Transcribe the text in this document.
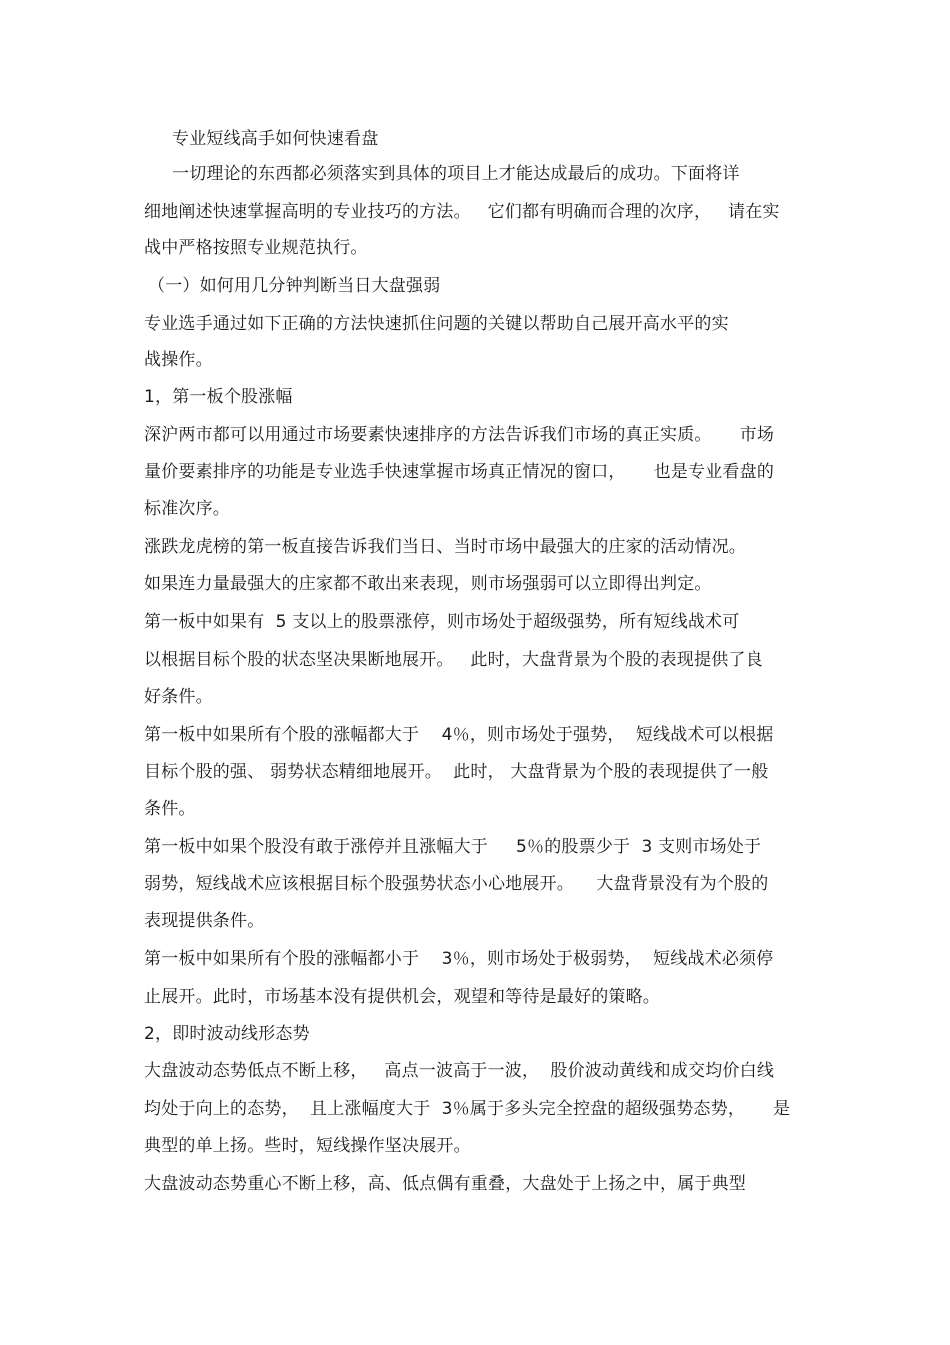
专业短线高手如何快速看盘
一切理论的东西都必须落实到具体的项目上才能达成最后的成功。下面将详
细地阐述快速掌握高明的专业技巧的方法。   它们都有明确而合理的次序，   请在实
战中严格按照专业规范执行。
（一）如何用几分钟判断当日大盘强弱
专业选手通过如下正确的方法快速抓住问题的关键以帮助自己展开高水平的实
战操作。
1，第一板个股涨幅
深沪两市都可以用通过市场要素快速排序的方法告诉我们市场的真正实质。     市场
量价要素排序的功能是专业选手快速掌握市场真正情况的窗口，     也是专业看盘的
标准次序。
涨跌龙虎榜的第一板直接告诉我们当日、当时市场中最强大的庄家的活动情况。
如果连力量最强大的庄家都不敢出来表现，则市场强弱可以立即得出判定。
第一板中如果有  5 支以上的股票涨停，则市场处于超级强势，所有短线战术可
以根据目标个股的状态坚决果断地展开。   此时，大盘背景为个股的表现提供了良
好条件。
第一板中如果所有个股的涨幅都大于    4％，则市场处于强势，  短线战术可以根据
目标个股的强、 弱势状态精细地展开。  此时， 大盘背景为个股的表现提供了一般
条件。
第一板中如果个股没有敢于涨停并且涨幅大于     5％的股票少于  3 支则市场处于
弱势，短线战术应该根据目标个股强势状态小心地展开。    大盘背景没有为个股的
表现提供条件。
第一板中如果所有个股的涨幅都小于    3％，则市场处于极弱势，  短线战术必须停
止展开。此时，市场基本没有提供机会，观望和等待是最好的策略。
2，即时波动线形态势
大盘波动态势低点不断上移，   高点一波高于一波，  股价波动黄线和成交均价白线
均处于向上的态势，  且上涨幅度大于  3％属于多头完全控盘的超级强势态势，     是
典型的单上扬。些时，短线操作坚决展开。
大盘波动态势重心不断上移，高、低点偶有重叠，大盘处于上扬之中，属于典型
